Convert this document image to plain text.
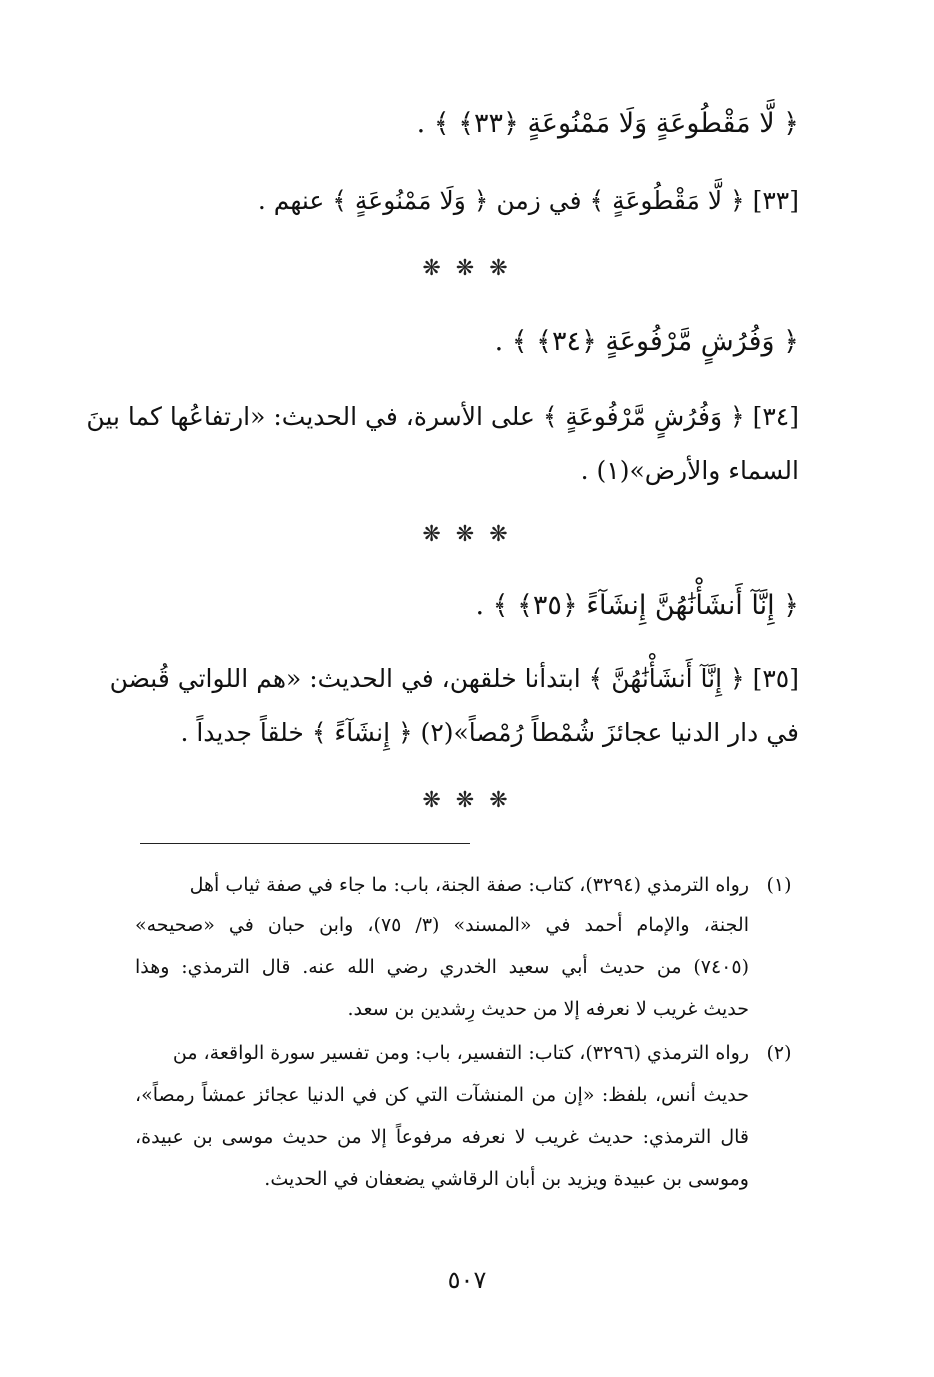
﴿ لَّا مَقْطُوعَةٍ وَلَا مَمْنُوعَةٍ ﴿٣٣﴾ ﴾ .
[٣٣] ﴿ لَّا مَقْطُوعَةٍ ﴾ في زمن ﴿ وَلَا مَمْنُوعَةٍ ﴾ عنهم .
❋ ❋ ❋
﴿ وَفُرُشٍ مَّرْفُوعَةٍ ﴿٣٤﴾ ﴾ .
[٣٤] ﴿ وَفُرُشٍ مَّرْفُوعَةٍ ﴾ على الأسرة، في الحديث: «ارتفاعُها كما بينَ
السماء والأرض»(١) .
❋ ❋ ❋
﴿ إِنَّآ أَنشَأْنَٰهُنَّ إِنشَآءً ﴿٣٥﴾ ﴾ .
[٣٥] ﴿ إِنَّآ أَنشَأْنَٰهُنَّ ﴾ ابتدأنا خلقهن، في الحديث: «هم اللواتي قُبضن
في دار الدنيا عجائزَ شُمْطاً رُمْصاً»(٢) ﴿ إِنشَآءً ﴾ خلقاً جديداً .
❋ ❋ ❋
(١)
رواه الترمذي (٣٢٩٤)، كتاب: صفة الجنة، باب: ما جاء في صفة ثياب أهل
الجنة، والإمام أحمد في «المسند» (٣/ ٧٥)، وابن حبان في «صحيحه»
(٧٤٠٥) من حديث أبي سعيد الخدري رضي الله عنه. قال الترمذي: وهذا
حديث غريب لا نعرفه إلا من حديث رِشدين بن سعد.
(٢)
رواه الترمذي (٣٢٩٦)، كتاب: التفسير، باب: ومن تفسير سورة الواقعة، من
حديث أنس، بلفظ: «إن من المنشآت التي كن في الدنيا عجائز عمشاً رمصاً»،
قال الترمذي: حديث غريب لا نعرفه مرفوعاً إلا من حديث موسى بن عبيدة،
وموسى بن عبيدة ويزيد بن أبان الرقاشي يضعفان في الحديث.
٥٠٧
